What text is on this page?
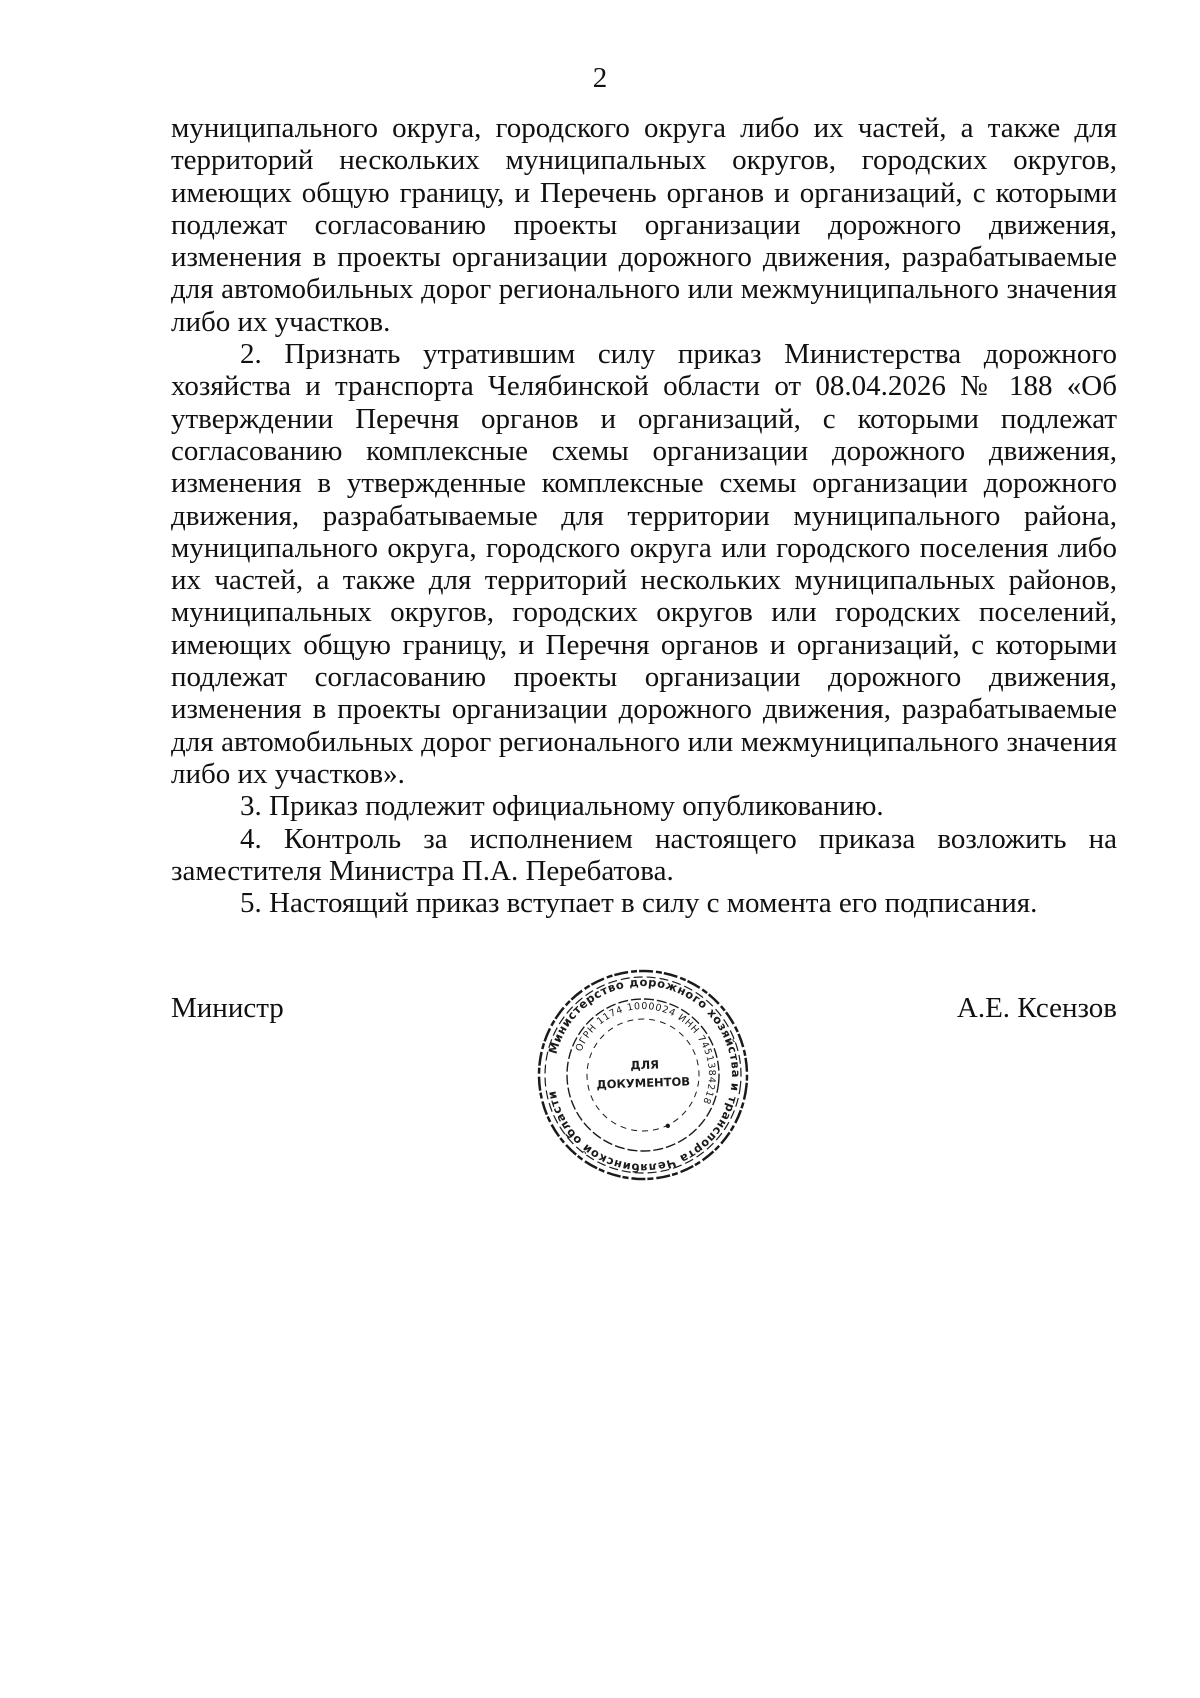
2

муниципального округа, городского округа либо их частей, а также для территорий нескольких муниципальных округов, городских округов, имеющих общую границу, и Перечень органов и организаций, с которыми подлежат согласованию проекты организации дорожного движения, изменения в проекты организации дорожного движения, разрабатываемые для автомобильных дорог регионального или межмуниципального значения либо их участков.

2. Признать утратившим силу приказ Министерства дорожного хозяйства и транспорта Челябинской области от 08.04.2026 № 188 «Об утверждении Перечня органов и организаций, с которыми подлежат согласованию комплексные схемы организации дорожного движения, изменения в утвержденные комплексные схемы организации дорожного движения, разрабатываемые для территории муниципального района, муниципального округа, городского округа или городского поселения либо их частей, а также для территорий нескольких муниципальных районов, муниципальных округов, городских округов или городских поселений, имеющих общую границу, и Перечня органов и организаций, с которыми подлежат согласованию проекты организации дорожного движения, изменения в проекты организации дорожного движения, разрабатываемые для автомобильных дорог регионального или межмуниципального значения либо их участков».

3. Приказ подлежит официальному опубликованию.

4. Контроль за исполнением настоящего приказа возложить на заместителя Министра П.А. Перебатова.

5. Настоящий приказ вступает в силу с момента его подписания.

Министр	А.Е. Ксензов
Министерство дорожного хозяйства и транспорта Челябинской области
ОГРН 1174 1000024 ИНН 7451384218
ДЛЯ
ДОКУМЕНТОВ
